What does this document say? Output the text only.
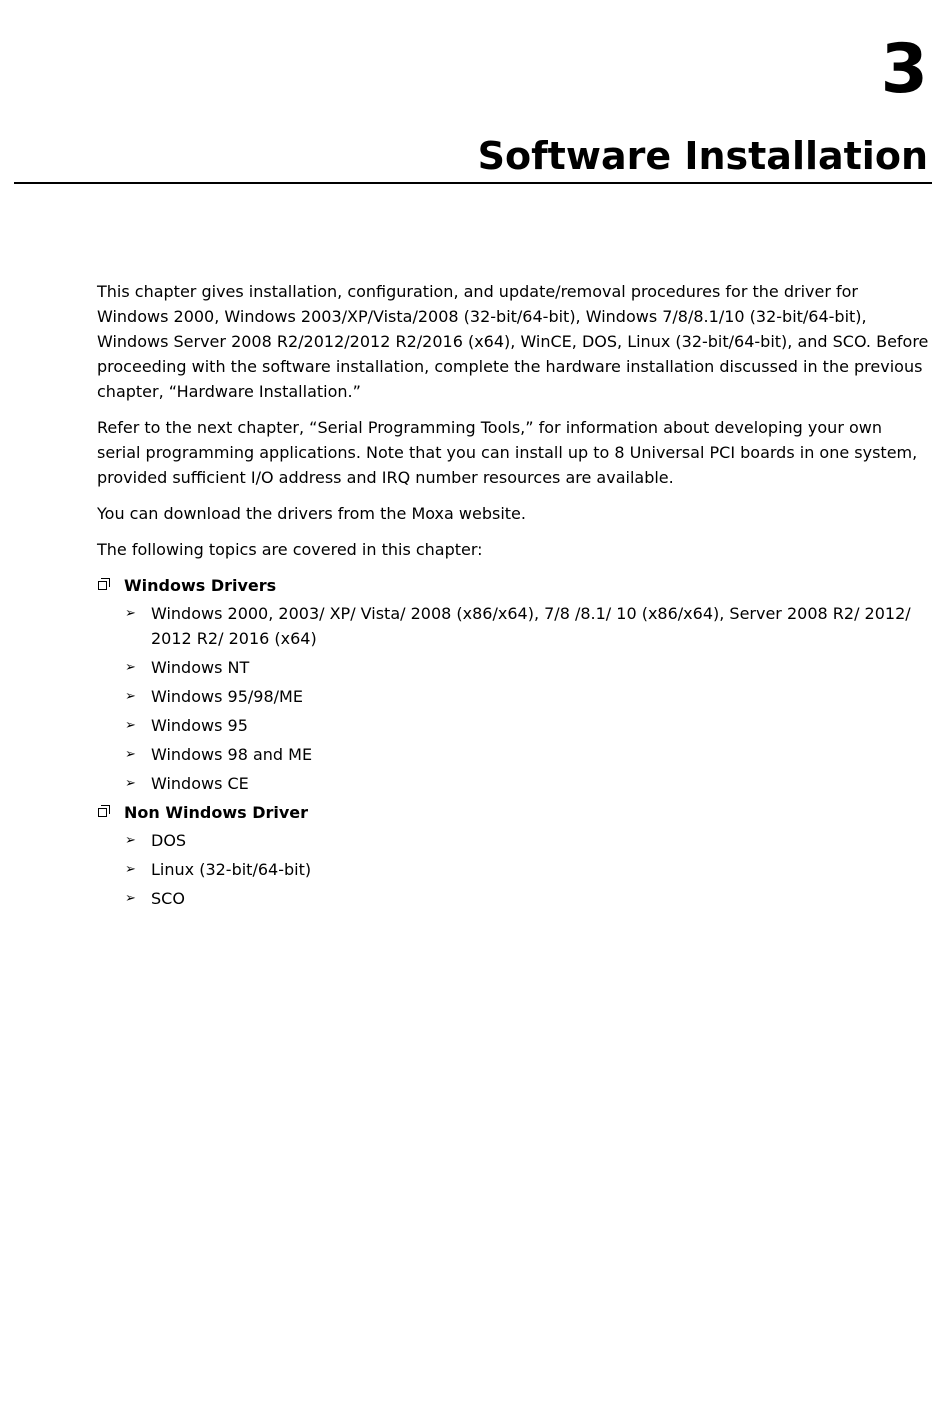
3
Software Installation

This chapter gives installation, configuration, and update/removal procedures for the driver for Windows 2000, Windows 2003/XP/Vista/2008 (32-bit/64-bit), Windows 7/8/8.1/10 (32-bit/64-bit), Windows Server 2008 R2/2012/2012 R2/2016 (x64), WinCE, DOS, Linux (32-bit/64-bit), and SCO. Before proceeding with the software installation, complete the hardware installation discussed in the previous chapter, “Hardware Installation.”

Refer to the next chapter, “Serial Programming Tools,” for information about developing your own serial programming applications. Note that you can install up to 8 Universal PCI boards in one system, provided sufficient I/O address and IRQ number resources are available.

You can download the drivers from the Moxa website.

The following topics are covered in this chapter:

Windows Drivers
➢ Windows 2000, 2003/ XP/ Vista/ 2008 (x86/x64), 7/8 /8.1/ 10 (x86/x64), Server 2008 R2/ 2012/ 2012 R2/ 2016 (x64)
➢ Windows NT
➢ Windows 95/98/ME
➢ Windows 95
➢ Windows 98 and ME
➢ Windows CE
Non Windows Driver
➢ DOS
➢ Linux (32-bit/64-bit)
➢ SCO
